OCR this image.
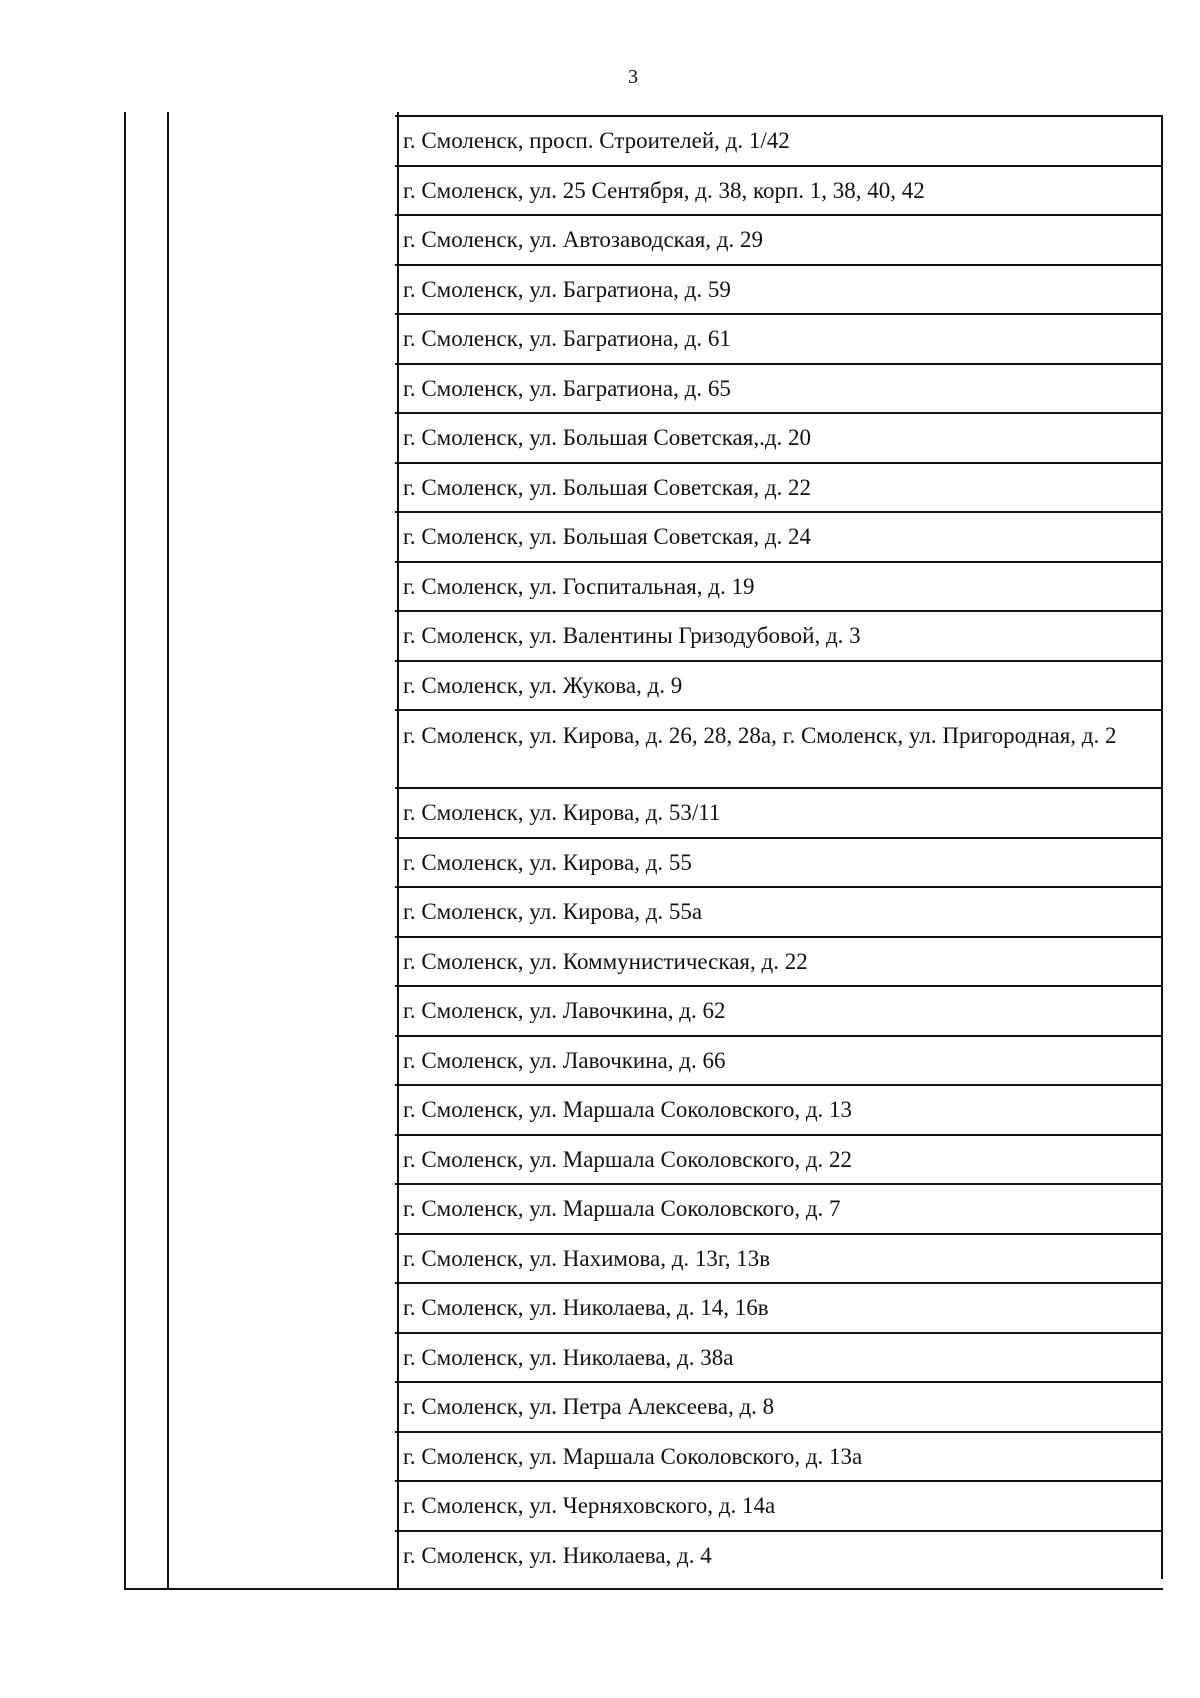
3
г. Смоленск, просп. Строителей, д. 1/42
г. Смоленск, ул. 25 Сентября, д. 38, корп. 1, 38, 40, 42
г. Смоленск, ул. Автозаводская, д. 29
г. Смоленск, ул. Багратиона, д. 59
г. Смоленск, ул. Багратиона, д. 61
г. Смоленск, ул. Багратиона, д. 65
г. Смоленск, ул. Большая Советская,.д. 20
г. Смоленск, ул. Большая Советская, д. 22
г. Смоленск, ул. Большая Советская, д. 24
г. Смоленск, ул. Госпитальная, д. 19
г. Смоленск, ул. Валентины Гризодубовой, д. 3
г. Смоленск, ул. Жукова, д. 9
г. Смоленск, ул. Кирова, д. 26, 28, 28а, г. Смоленск, ул. Пригородная, д. 2
г. Смоленск, ул. Кирова, д. 53/11
г. Смоленск, ул. Кирова, д. 55
г. Смоленск, ул. Кирова, д. 55а
г. Смоленск, ул. Коммунистическая, д. 22
г. Смоленск, ул. Лавочкина, д. 62
г. Смоленск, ул. Лавочкина, д. 66
г. Смоленск, ул. Маршала Соколовского, д. 13
г. Смоленск, ул. Маршала Соколовского, д. 22
г. Смоленск, ул. Маршала Соколовского, д. 7
г. Смоленск, ул. Нахимова, д. 13г, 13в
г. Смоленск, ул. Николаева, д. 14, 16в
г. Смоленск, ул. Николаева, д. 38а
г. Смоленск, ул. Петра Алексеева, д. 8
г. Смоленск, ул. Маршала Соколовского, д. 13а
г. Смоленск, ул. Черняховского, д. 14а
г. Смоленск, ул. Николаева, д. 4
